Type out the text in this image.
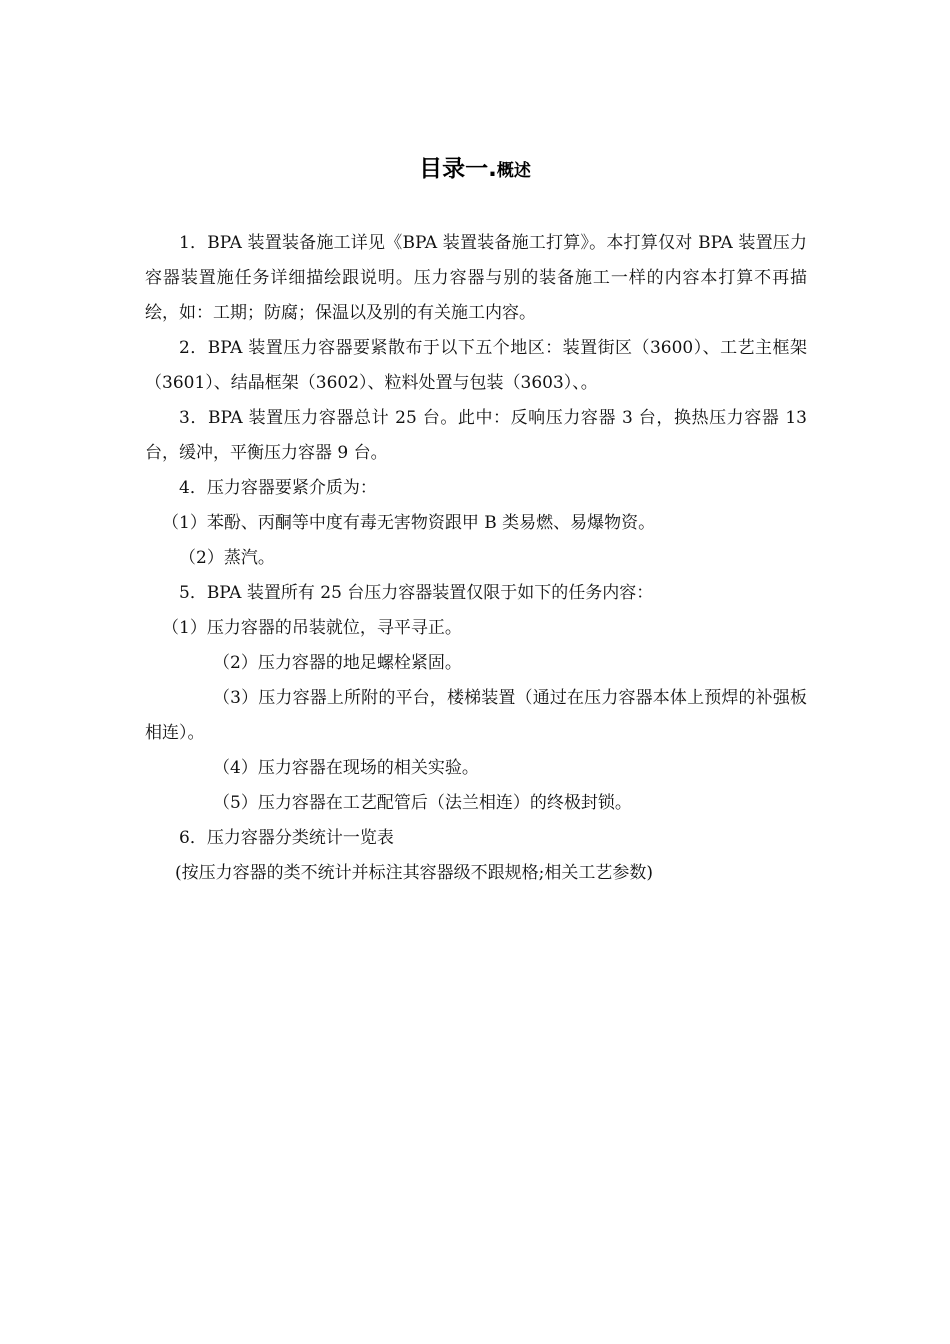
目录一.概述

1．BPA 装置装备施工详见《BPA 装置装备施工打算》。本打算仅对 BPA 装置压力容器装置施任务详细描绘跟说明。压力容器与别的装备施工一样的内容本打算不再描绘，如：工期；防腐；保温以及别的有关施工内容。

2．BPA 装置压力容器要紧散布于以下五个地区：装置街区（3600）、工艺主框架（3601）、结晶框架（3602）、粒料处置与包装（3603）、。

3．BPA 装置压力容器总计 25 台。此中：反响压力容器 3 台，换热压力容器 13 台，缓冲，平衡压力容器 9 台。

4．压力容器要紧介质为：

（1）苯酚、丙酮等中度有毒无害物资跟甲 B 类易燃、易爆物资。

（2）蒸汽。

5．BPA 装置所有 25 台压力容器装置仅限于如下的任务内容：

（1）压力容器的吊装就位，寻平寻正。

（2）压力容器的地足螺栓紧固。

（3）压力容器上所附的平台，楼梯装置（通过在压力容器本体上预焊的补强板相连）。

（4）压力容器在现场的相关实验。

（5）压力容器在工艺配管后（法兰相连）的终极封锁。

6．压力容器分类统计一览表

(按压力容器的类不统计并标注其容器级不跟规格;相关工艺参数)
